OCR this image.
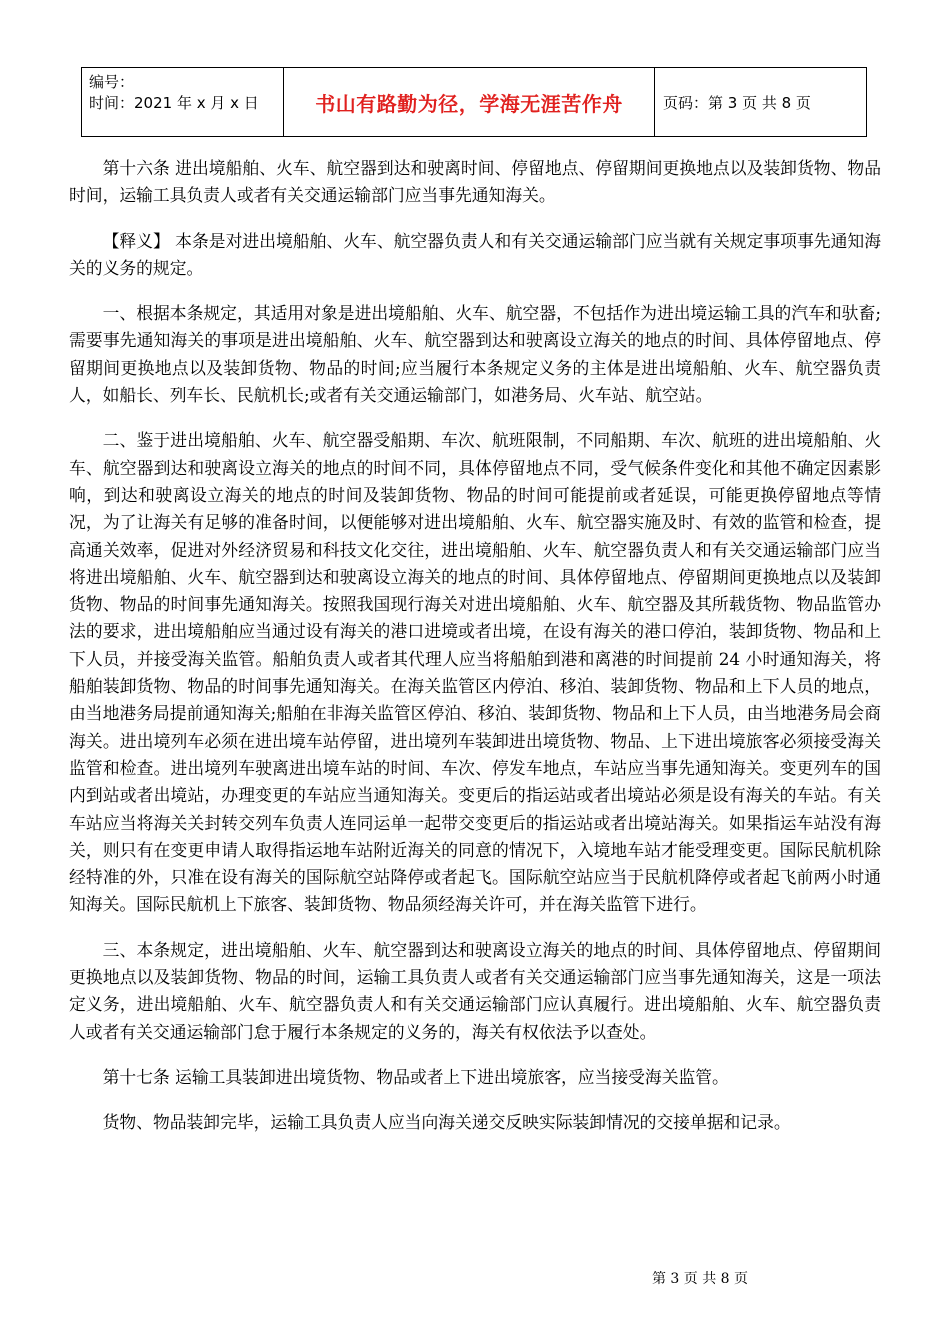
编号：
时间：2021 年 x 月 x 日	书山有路勤为径，学海无涯苦作舟	页码：第 3 页 共 8 页

第十六条 进出境船舶、火车、航空器到达和驶离时间、停留地点、停留期间更换地点以及装卸货物、物品时间，运输工具负责人或者有关交通运输部门应当事先通知海关。

【释义】 本条是对进出境船舶、火车、航空器负责人和有关交通运输部门应当就有关规定事项事先通知海关的义务的规定。

一、根据本条规定，其适用对象是进出境船舶、火车、航空器，不包括作为进出境运输工具的汽车和驮畜;需要事先通知海关的事项是进出境船舶、火车、航空器到达和驶离设立海关的地点的时间、具体停留地点、停留期间更换地点以及装卸货物、物品的时间;应当履行本条规定义务的主体是进出境船舶、火车、航空器负责人，如船长、列车长、民航机长;或者有关交通运输部门，如港务局、火车站、航空站。

二、鉴于进出境船舶、火车、航空器受船期、车次、航班限制，不同船期、车次、航班的进出境船舶、火车、航空器到达和驶离设立海关的地点的时间不同，具体停留地点不同，受气候条件变化和其他不确定因素影响，到达和驶离设立海关的地点的时间及装卸货物、物品的时间可能提前或者延误，可能更换停留地点等情况，为了让海关有足够的准备时间，以便能够对进出境船舶、火车、航空器实施及时、有效的监管和检查，提高通关效率，促进对外经济贸易和科技文化交往，进出境船舶、火车、航空器负责人和有关交通运输部门应当将进出境船舶、火车、航空器到达和驶离设立海关的地点的时间、具体停留地点、停留期间更换地点以及装卸货物、物品的时间事先通知海关。按照我国现行海关对进出境船舶、火车、航空器及其所载货物、物品监管办法的要求，进出境船舶应当通过设有海关的港口进境或者出境，在设有海关的港口停泊，装卸货物、物品和上下人员，并接受海关监管。船舶负责人或者其代理人应当将船舶到港和离港的时间提前 24 小时通知海关，将船舶装卸货物、物品的时间事先通知海关。在海关监管区内停泊、移泊、装卸货物、物品和上下人员的地点，由当地港务局提前通知海关;船舶在非海关监管区停泊、移泊、装卸货物、物品和上下人员，由当地港务局会商海关。进出境列车必须在进出境车站停留，进出境列车装卸进出境货物、物品、上下进出境旅客必须接受海关监管和检查。进出境列车驶离进出境车站的时间、车次、停发车地点，车站应当事先通知海关。变更列车的国内到站或者出境站，办理变更的车站应当通知海关。变更后的指运站或者出境站必须是设有海关的车站。有关车站应当将海关关封转交列车负责人连同运单一起带交变更后的指运站或者出境站海关。如果指运车站没有海关，则只有在变更申请人取得指运地车站附近海关的同意的情况下，入境地车站才能受理变更。国际民航机除经特准的外，只准在设有海关的国际航空站降停或者起飞。国际航空站应当于民航机降停或者起飞前两小时通知海关。国际民航机上下旅客、装卸货物、物品须经海关许可，并在海关监管下进行。

三、本条规定，进出境船舶、火车、航空器到达和驶离设立海关的地点的时间、具体停留地点、停留期间更换地点以及装卸货物、物品的时间，运输工具负责人或者有关交通运输部门应当事先通知海关，这是一项法定义务，进出境船舶、火车、航空器负责人和有关交通运输部门应认真履行。进出境船舶、火车、航空器负责人或者有关交通运输部门怠于履行本条规定的义务的，海关有权依法予以查处。

第十七条 运输工具装卸进出境货物、物品或者上下进出境旅客，应当接受海关监管。

货物、物品装卸完毕，运输工具负责人应当向海关递交反映实际装卸情况的交接单据和记录。

第 3 页 共 8 页
